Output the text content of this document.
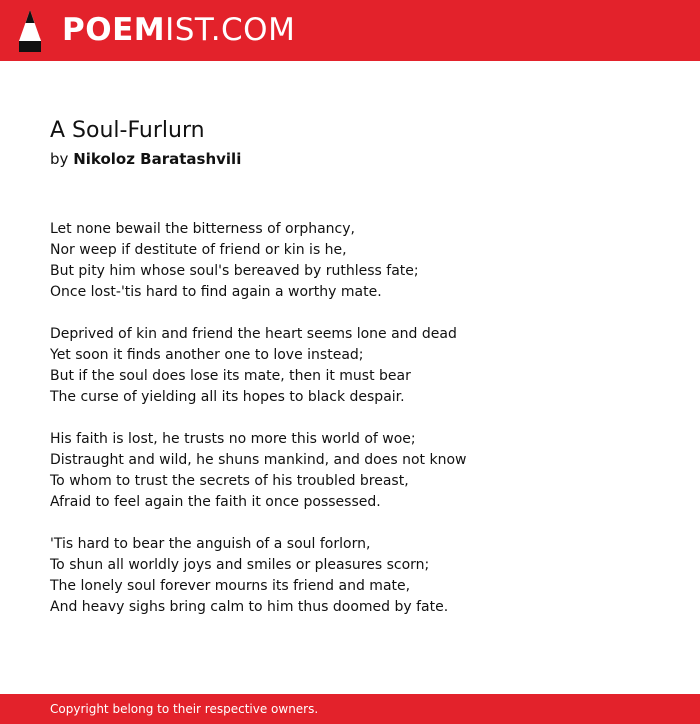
POEMIST.COM
A Soul-Furlurn
by Nikoloz Baratashvili
Let none bewail the bitterness of orphancy,
Nor weep if destitute of friend or kin is he,
But pity him whose soul's bereaved by ruthless fate;
Once lost-'tis hard to find again a worthy mate.
Deprived of kin and friend the heart seems lone and dead
Yet soon it finds another one to love instead;
But if the soul does lose its mate, then it must bear
The curse of yielding all its hopes to black despair.
His faith is lost, he trusts no more this world of woe;
Distraught and wild, he shuns mankind, and does not know
To whom to trust the secrets of his troubled breast,
Afraid to feel again the faith it once possessed.
'Tis hard to bear the anguish of a soul forlorn,
To shun all worldly joys and smiles or pleasures scorn;
The lonely soul forever mourns its friend and mate,
And heavy sighs bring calm to him thus doomed by fate.
Copyright belong to their respective owners.
